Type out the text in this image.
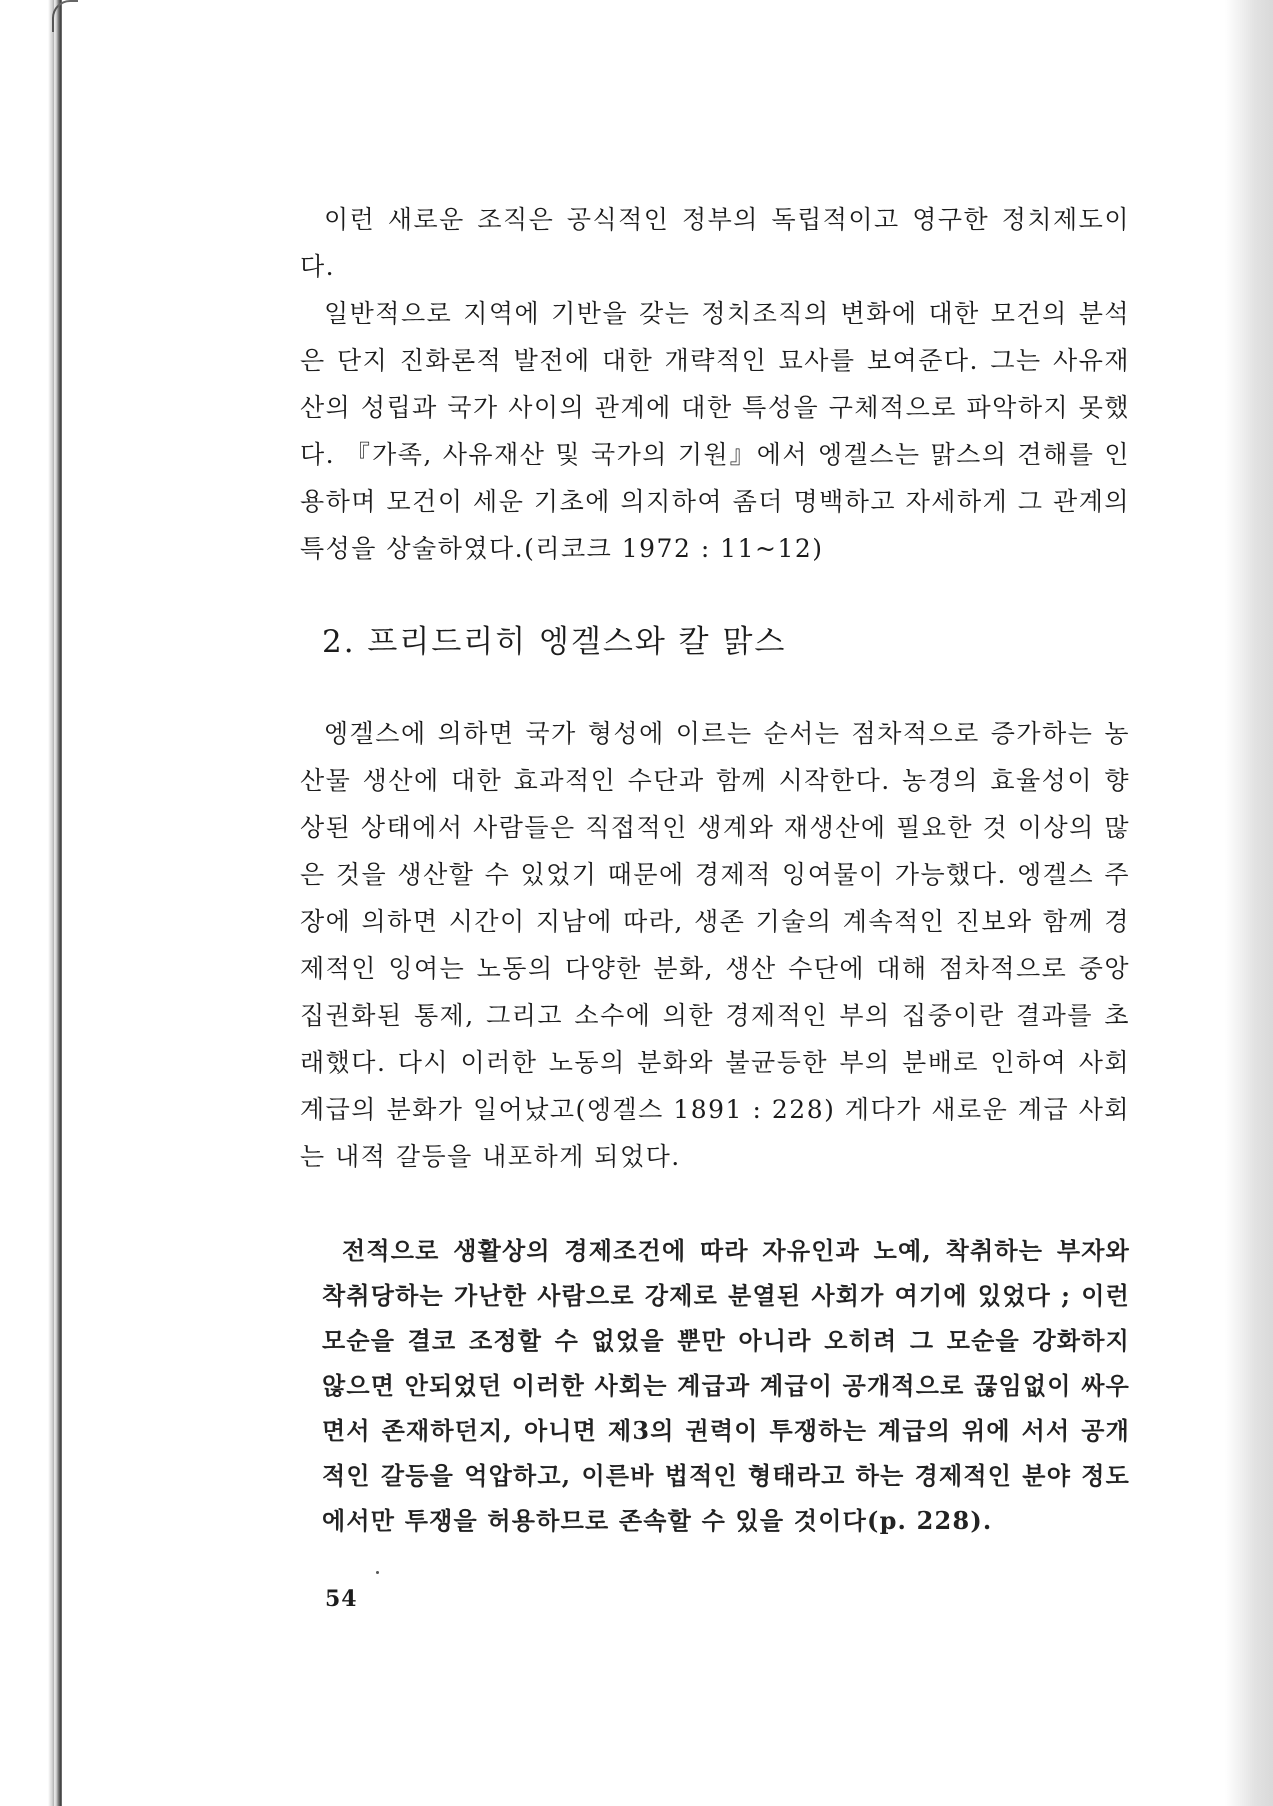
이런 새로운 조직은 공식적인 정부의 독립적이고 영구한 정치제도이다.

일반적으로 지역에 기반을 갖는 정치조직의 변화에 대한 모건의 분석은 단지 진화론적 발전에 대한 개략적인 묘사를 보여준다. 그는 사유재산의 성립과 국가 사이의 관계에 대한 특성을 구체적으로 파악하지 못했다. 『가족, 사유재산 및 국가의 기원』에서 엥겔스는 맑스의 견해를 인용하며 모건이 세운 기초에 의지하여 좀더 명백하고 자세하게 그 관계의 특성을 상술하였다.(리코크 1972 : 11~12)

2. 프리드리히 엥겔스와 칼 맑스

엥겔스에 의하면 국가 형성에 이르는 순서는 점차적으로 증가하는 농산물 생산에 대한 효과적인 수단과 함께 시작한다. 농경의 효율성이 향상된 상태에서 사람들은 직접적인 생계와 재생산에 필요한 것 이상의 많은 것을 생산할 수 있었기 때문에 경제적 잉여물이 가능했다. 엥겔스 주장에 의하면 시간이 지남에 따라, 생존 기술의 계속적인 진보와 함께 경제적인 잉여는 노동의 다양한 분화, 생산 수단에 대해 점차적으로 중앙집권화된 통제, 그리고 소수에 의한 경제적인 부의 집중이란 결과를 초래했다. 다시 이러한 노동의 분화와 불균등한 부의 분배로 인하여 사회 계급의 분화가 일어났고(엥겔스 1891 : 228) 게다가 새로운 계급 사회는 내적 갈등을 내포하게 되었다.

전적으로 생활상의 경제조건에 따라 자유인과 노예, 착취하는 부자와 착취당하는 가난한 사람으로 강제로 분열된 사회가 여기에 있었다 ; 이런 모순을 결코 조정할 수 없었을 뿐만 아니라 오히려 그 모순을 강화하지 않으면 안되었던 이러한 사회는 계급과 계급이 공개적으로 끊임없이 싸우면서 존재하던지, 아니면 제3의 권력이 투쟁하는 계급의 위에 서서 공개적인 갈등을 억압하고, 이른바 법적인 형태라고 하는 경제적인 분야 정도에서만 투쟁을 허용하므로 존속할 수 있을 것이다(p. 228).

54
